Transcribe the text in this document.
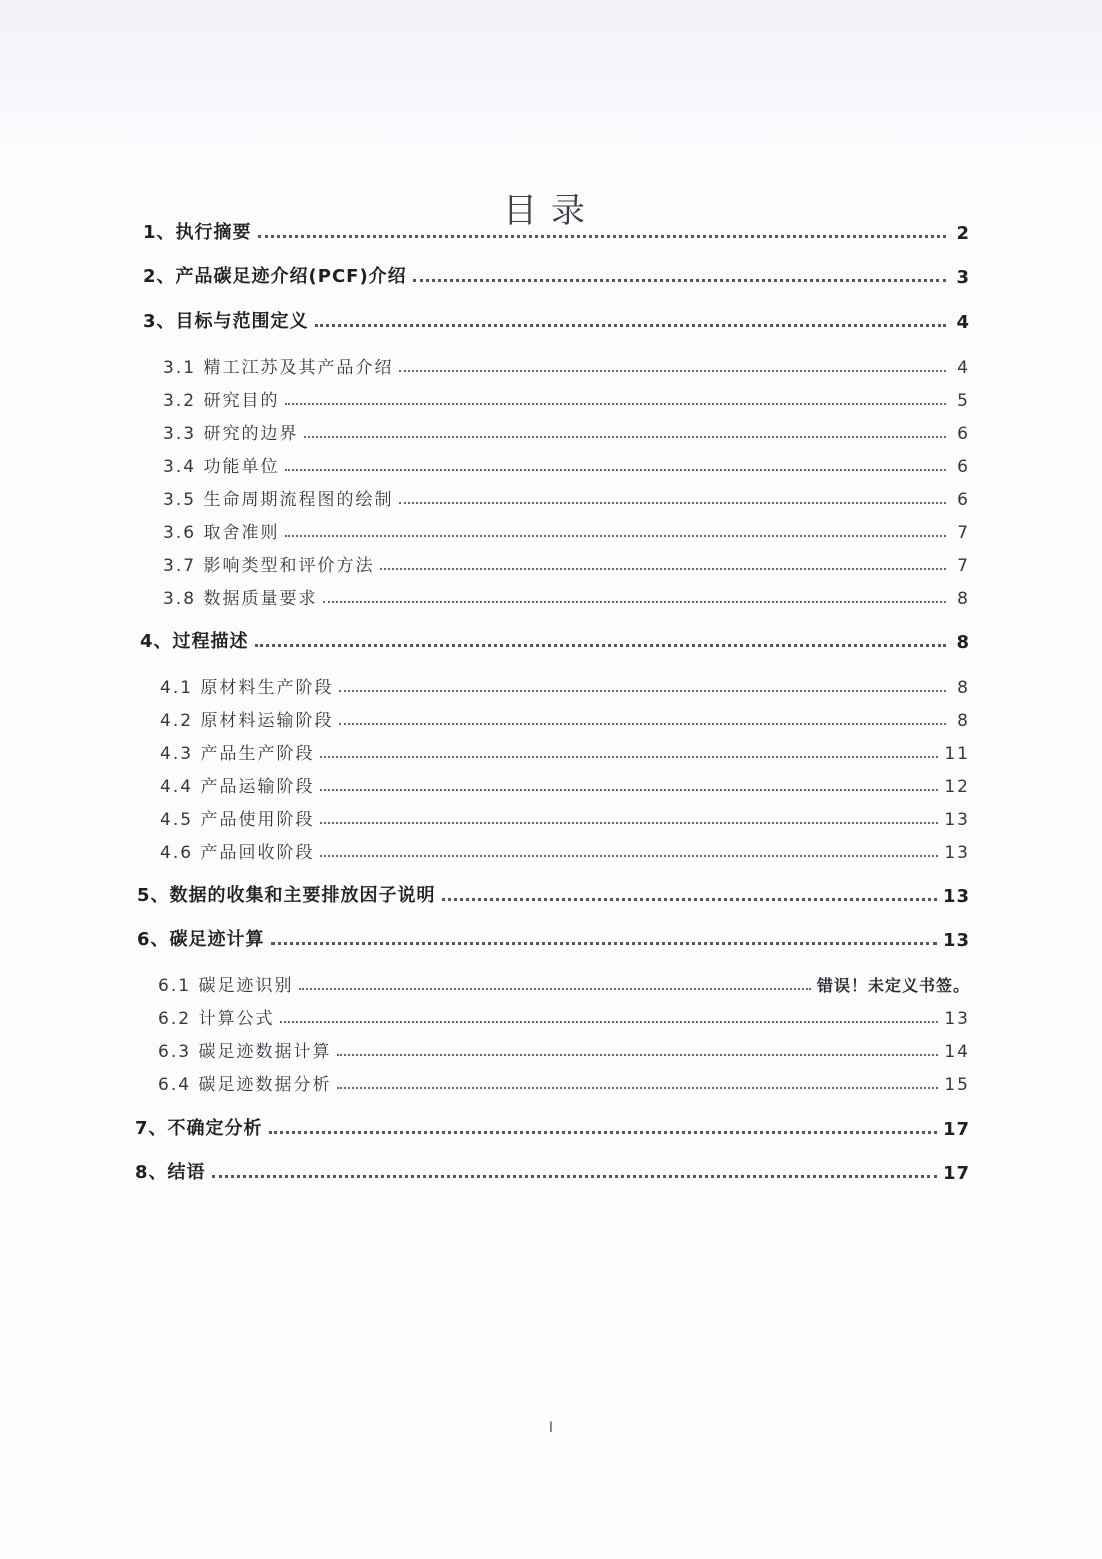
目录
1、执行摘要	2
2、产品碳足迹介绍(PCF)介绍	3
3、目标与范围定义	4
3.1 精工江苏及其产品介绍	4
3.2 研究目的	5
3.3 研究的边界	6
3.4 功能单位	6
3.5 生命周期流程图的绘制	6
3.6 取舍准则	7
3.7 影响类型和评价方法	7
3.8 数据质量要求	8
4、过程描述	8
4.1 原材料生产阶段	8
4.2 原材料运输阶段	8
4.3 产品生产阶段	11
4.4 产品运输阶段	12
4.5 产品使用阶段	13
4.6 产品回收阶段	13
5、数据的收集和主要排放因子说明	13
6、碳足迹计算	13
6.1 碳足迹识别	错误！未定义书签。
6.2 计算公式	13
6.3 碳足迹数据计算	14
6.4 碳足迹数据分析	15
7、不确定分析	17
8、结语	17
I
